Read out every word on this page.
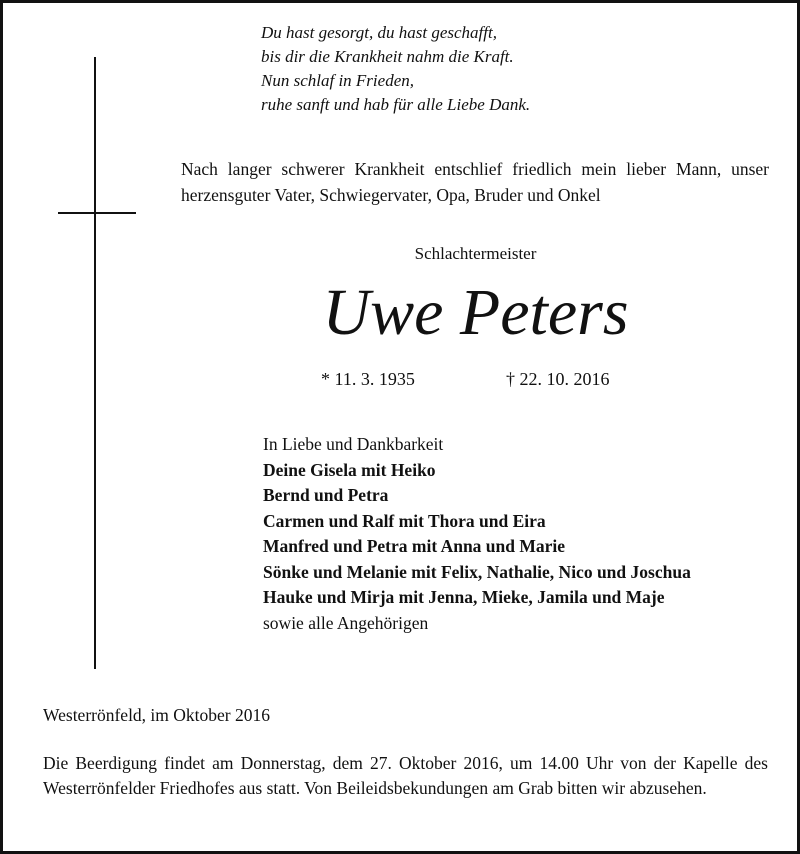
Du hast gesorgt, du hast geschafft,
bis dir die Krankheit nahm die Kraft.
Nun schlaf in Frieden,
ruhe sanft und hab für alle Liebe Dank.
Nach langer schwerer Krankheit entschlief friedlich mein lieber Mann, unser herzensguter Vater, Schwiegervater, Opa, Bruder und Onkel
Schlachtermeister
Uwe Peters
* 11. 3. 1935	† 22. 10. 2016
In Liebe und Dankbarkeit
Deine Gisela mit Heiko
Bernd und Petra
Carmen und Ralf mit Thora und Eira
Manfred und Petra mit Anna und Marie
Sönke und Melanie mit Felix, Nathalie, Nico und Joschua
Hauke und Mirja mit Jenna, Mieke, Jamila und Maje
sowie alle Angehörigen
Westerrönfeld, im Oktober 2016
Die Beerdigung findet am Donnerstag, dem 27. Oktober 2016, um 14.00 Uhr von der Kapelle des Westerrönfelder Friedhofes aus statt. Von Beileidsbekundungen am Grab bitten wir abzusehen.
